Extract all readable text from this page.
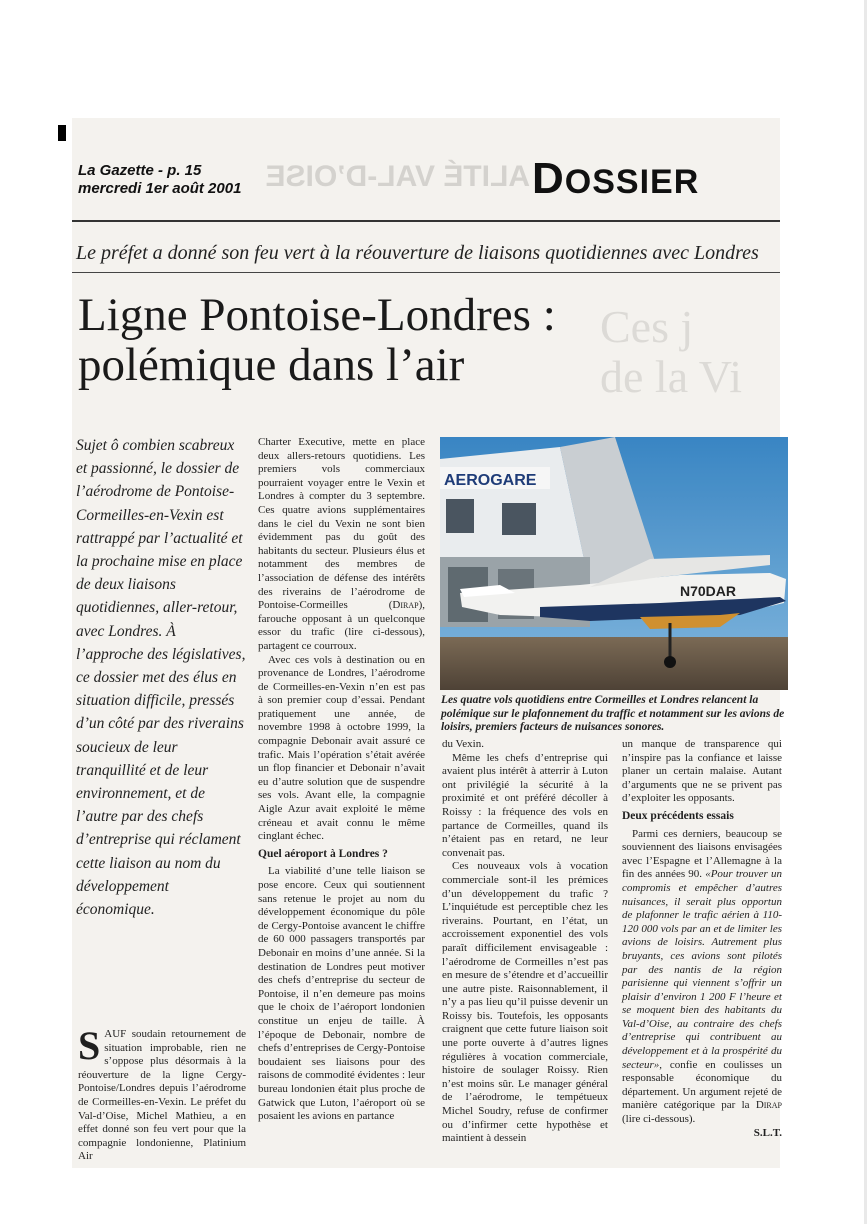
La Gazette - p. 15
mercredi 1er août 2001 ALITÉ VAL-D’OISE DOSSIER
Le préfet a donné son feu vert à la réouverture de liaisons quotidiennes avec Londres
Ces j
de la Vi
Ligne Pontoise-Londres :
polémique dans l’air

Sujet ô combien scabreux et passionné, le dossier de l’aérodrome de Pontoise-Cormeilles-en-Vexin est rattrappé par l’actualité et la prochaine mise en place de deux liaisons quotidiennes, aller-retour, avec Londres. À l’approche des législatives, ce dossier met des élus en situation difficile, pressés d’un côté par des riverains soucieux de leur tranquillité et de leur environnement, et de l’autre par des chefs d’entreprise qui réclament cette liaison au nom du développement économique.

SAUF soudain retournement de situation improbable, rien ne s’oppose plus désormais à la réouverture de la ligne Cergy-Pontoise/Londres depuis l’aérodrome de Cormeilles-en-Vexin. Le préfet du Val-d’Oise, Michel Mathieu, a en effet donné son feu vert pour que la compagnie londonienne, Platinium Air

Charter Executive, mette en place deux allers-retours quotidiens. Les premiers vols commerciaux pourraient voyager entre le Vexin et Londres à compter du 3 septembre. Ces quatre avions supplémentaires dans le ciel du Vexin ne sont bien évidemment pas du goût des habitants du secteur. Plusieurs élus et notamment des membres de l’association de défense des intérêts des riverains de l’aérodrome de Pontoise-Cormeilles (Dirap), farouche opposant à un quelconque essor du trafic (lire ci-dessous), partagent ce courroux.

Avec ces vols à destination ou en provenance de Londres, l’aérodrome de Cormeilles-en-Vexin n’en est pas à son premier coup d’essai. Pendant pratiquement une année, de novembre 1998 à octobre 1999, la compagnie Debonair avait assuré ce trafic. Mais l’opération s’était avérée un flop financier et Debonair n’avait eu d’autre solution que de suspendre ses vols. Avant elle, la compagnie Aigle Azur avait exploité le même créneau et avait connu le même cinglant échec.

Quel aéroport à Londres ?

La viabilité d’une telle liaison se pose encore. Ceux qui soutiennent sans retenue le projet au nom du développement économique du pôle de Cergy-Pontoise avancent le chiffre de 60 000 passagers transportés par Debonair en moins d’une année. Si la destination de Londres peut motiver des chefs d’entreprise du secteur de Pontoise, il n’en demeure pas moins que le choix de l’aéroport londonien constitue un enjeu de taille. À l’époque de Debonair, nombre de chefs d’entreprises de Cergy-Pontoise boudaient ses liaisons pour des raisons de commodité évidentes : leur bureau londonien était plus proche de Gatwick que Luton, l’aéroport où se posaient les avions en partance

AEROGARE
N70DAR

Les quatre vols quotidiens entre Cormeilles et Londres relancent la polémique sur le plafonnement du traffic et notamment sur les avions de loisirs, premiers facteurs de nuisances sonores.

du Vexin.

Même les chefs d’entreprise qui avaient plus intérêt à atterrir à Luton ont privilégié la sécurité à la proximité et ont préféré décoller à Roissy : la fréquence des vols en partance de Cormeilles, quand ils n’étaient pas en retard, ne leur convenait pas.

Ces nouveaux vols à vocation commerciale sont-il les prémices d’un développement du trafic ? L’inquiétude est perceptible chez les riverains. Pourtant, en l’état, un accroissement exponentiel des vols paraît difficilement envisageable : l’aérodrome de Cormeilles n’est pas en mesure de s’étendre et d’accueillir une autre piste. Raisonnablement, il n’y a pas lieu qu’il puisse devenir un Roissy bis. Toutefois, les opposants craignent que cette future liaison soit une porte ouverte à d’autres lignes régulières à vocation commerciale, histoire de soulager Roissy. Rien n’est moins sûr. Le manager général de l’aérodrome, le tempétueux Michel Soudry, refuse de confirmer ou d’infirmer cette hypothèse et maintient à dessein

un manque de transparence qui n’inspire pas la confiance et laisse planer un certain malaise. Autant d’arguments que ne se privent pas d’exploiter les opposants.

Deux précédents essais

Parmi ces derniers, beaucoup se souviennent des liaisons envisagées avec l’Espagne et l’Allemagne à la fin des années 90. «Pour trouver un compromis et empêcher d’autres nuisances, il serait plus opportun de plafonner le trafic aérien à 110-120 000 vols par an et de limiter les avions de loisirs. Autrement plus bruyants, ces avions sont pilotés par des nantis de la région parisienne qui viennent s’offrir un plaisir d’environ 1 200 F l’heure et se moquent bien des habitants du Val-d’Oise, au contraire des chefs d’entreprise qui contribuent au développement et à la prospérité du secteur», confie en coulisses un responsable économique du département. Un argument rejeté de manière catégorique par la Dirap (lire ci-dessous).

S.L.T.
